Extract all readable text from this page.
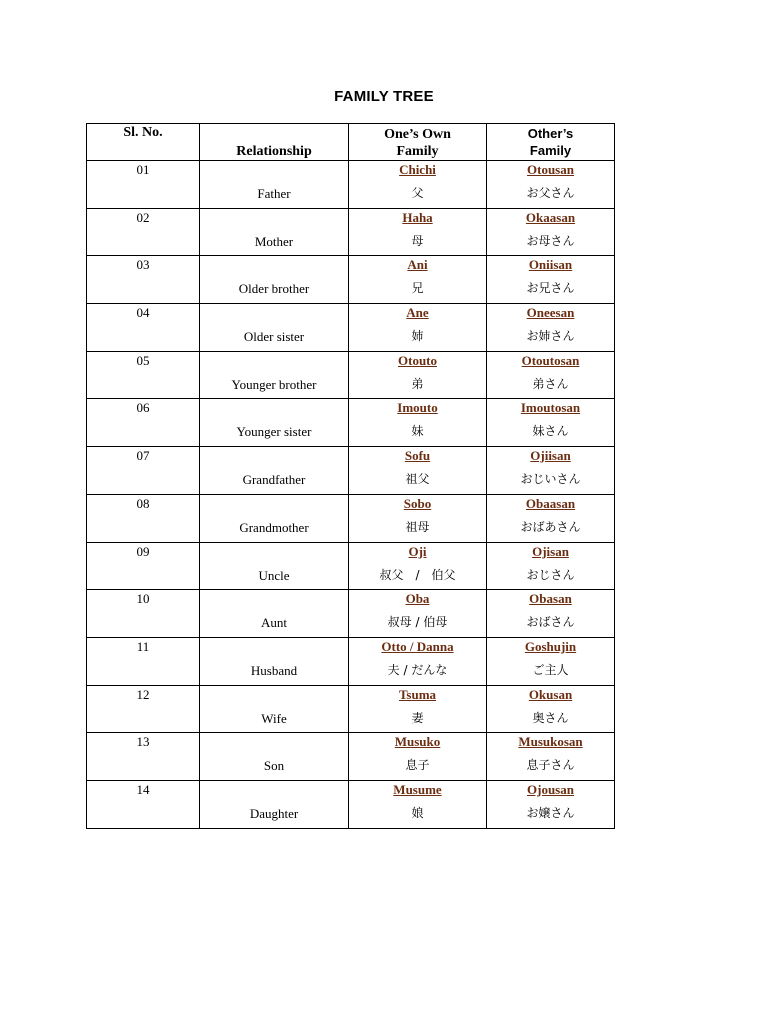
FAMILY TREE
Sl. No.
Relationship
One’s Own
Family
Other’s
Family
01
Father
Chichi
父
Otousan
お父さん
02
Mother
Haha
母
Okaasan
お母さん
03
Older brother
Ani
兄
Oniisan
お兄さん
04
Older sister
Ane
姉
Oneesan
お姉さん
05
Younger brother
Otouto
弟
Otoutosan
弟さん
06
Younger sister
Imouto
妹
Imoutosan
妹さん
07
Grandfather
Sofu
祖父
Ojiisan
おじいさん
08
Grandmother
Sobo
祖母
Obaasan
おばあさん
09
Uncle
Oji
叔父　/　伯父
Ojisan
おじさん
10
Aunt
Oba
叔母 / 伯母
Obasan
おばさん
11
Husband
Otto / Danna
夫 / だんな
Goshujin
ご主人
12
Wife
Tsuma
妻
Okusan
奥さん
13
Son
Musuko
息子
Musukosan
息子さん
14
Daughter
Musume
娘
Ojousan
お嬢さん
